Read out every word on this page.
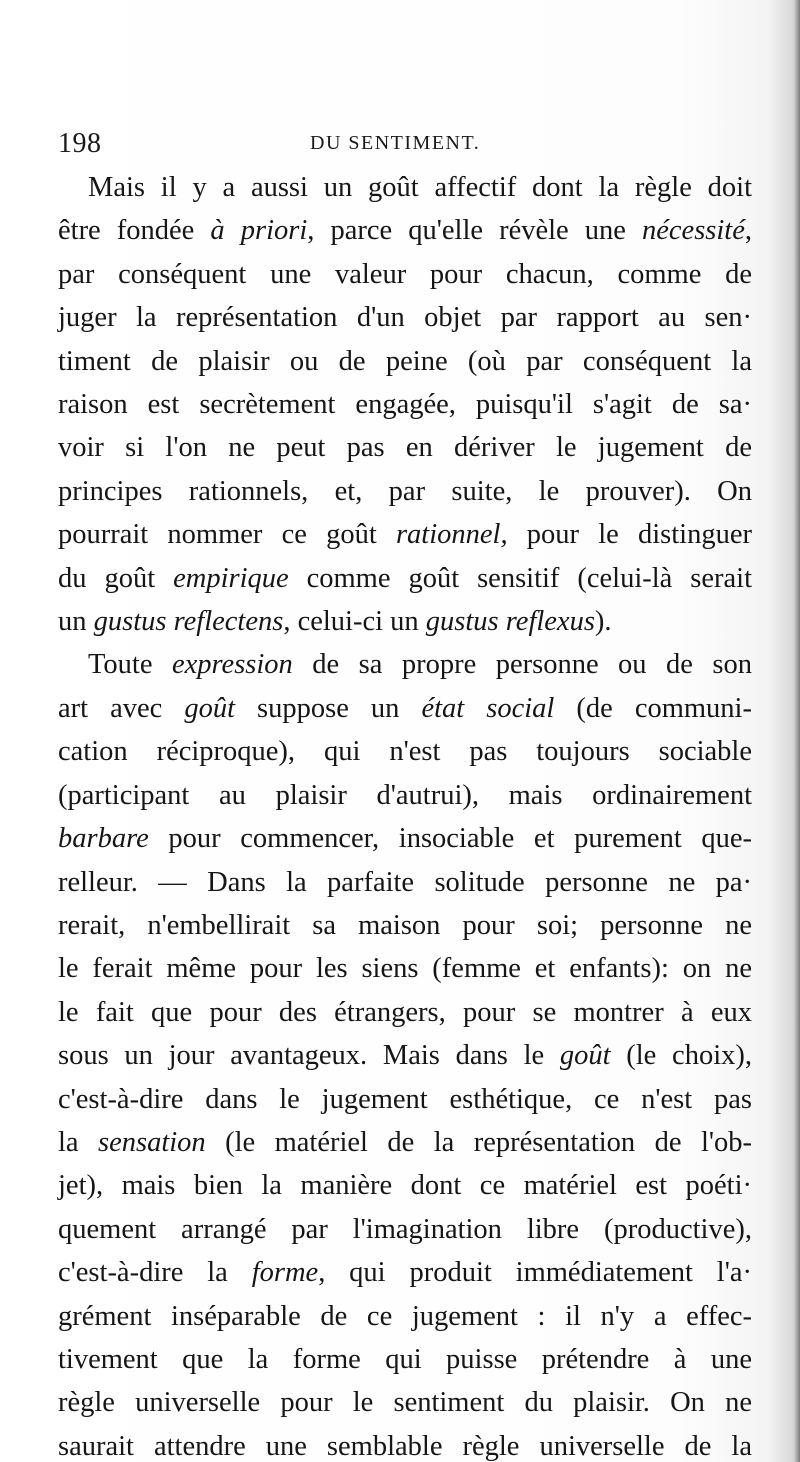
198	DU SENTIMENT.
Mais il y a aussi un goût affectif dont la règle doit
être fondée à priori, parce qu'elle révèle une nécessité,
par conséquent une valeur pour chacun, comme de
juger la représentation d'un objet par rapport au sen·
timent de plaisir ou de peine (où par conséquent la
raison est secrètement engagée, puisqu'il s'agit de sa·
voir si l'on ne peut pas en dériver le jugement de
principes rationnels, et, par suite, le prouver). On
pourrait nommer ce goût rationnel, pour le distinguer
du goût empirique comme goût sensitif (celui-là serait
un gustus reflectens, celui-ci un gustus reflexus).
Toute expression de sa propre personne ou de son
art avec goût suppose un état social (de communi-
cation réciproque), qui n'est pas toujours sociable
(participant au plaisir d'autrui), mais ordinairement
barbare pour commencer, insociable et purement que-
relleur. — Dans la parfaite solitude personne ne pa·
rerait, n'embellirait sa maison pour soi; personne ne
le ferait même pour les siens (femme et enfants): on ne
le fait que pour des étrangers, pour se montrer à eux
sous un jour avantageux. Mais dans le goût (le choix),
c'est-à-dire dans le jugement esthétique, ce n'est pas
la sensation (le matériel de la représentation de l'ob-
jet), mais bien la manière dont ce matériel est poéti·
quement arrangé par l'imagination libre (productive),
c'est-à-dire la forme, qui produit immédiatement l'a·
grément inséparable de ce jugement : il n'y a effec-
tivement que la forme qui puisse prétendre à une
règle universelle pour le sentiment du plaisir. On ne
saurait attendre une semblable règle universelle de la
